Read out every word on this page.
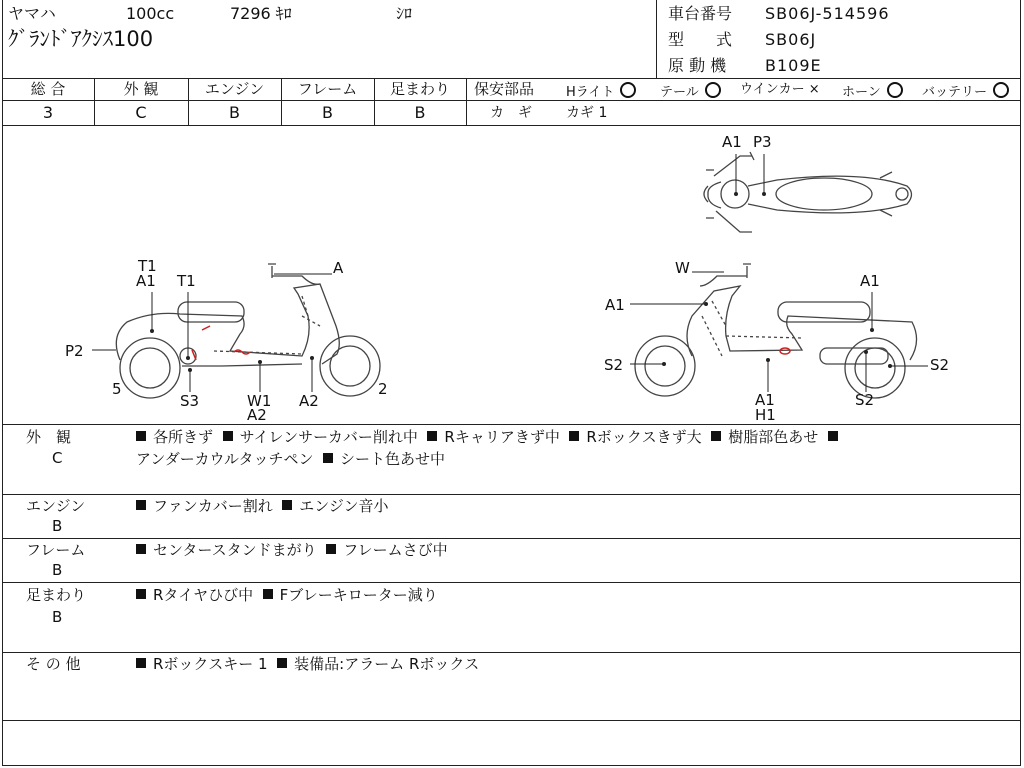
ヤマハ	100cc	7296 ｷﾛ	ｼﾛ
ｸﾞﾗﾝﾄﾞｱｸｼｽ100
車台番号 SB06J-514596
型　　式 SB06J
原 動 機 B109E
総 合	外 観	エンジン	フレーム	足まわり
3	C	B	B	B
保安部品 Hライト	テール	ウインカー × ホーン	バッテリー
カ　ギ カギ 1
A1 P3
T1
A1 T1
A
P2
5
S3	W1
A2
A2
2
W
A1
A1
S2	S2
A1
H1
S2
外　観
C
各所きず サイレンサーカバー削れ中 Rキャリアきず中 Rボックスきず大 樹脂部色あせ
アンダーカウルタッチペン シート色あせ中
エンジン
B
ファンカバー割れ エンジン音小
フレーム
B
センタースタンドまがり フレームさび中
足まわり
B
Rタイヤひび中 Fブレーキローター減り
そ の 他	Rボックスキー 1 装備品:アラーム Rボックス
